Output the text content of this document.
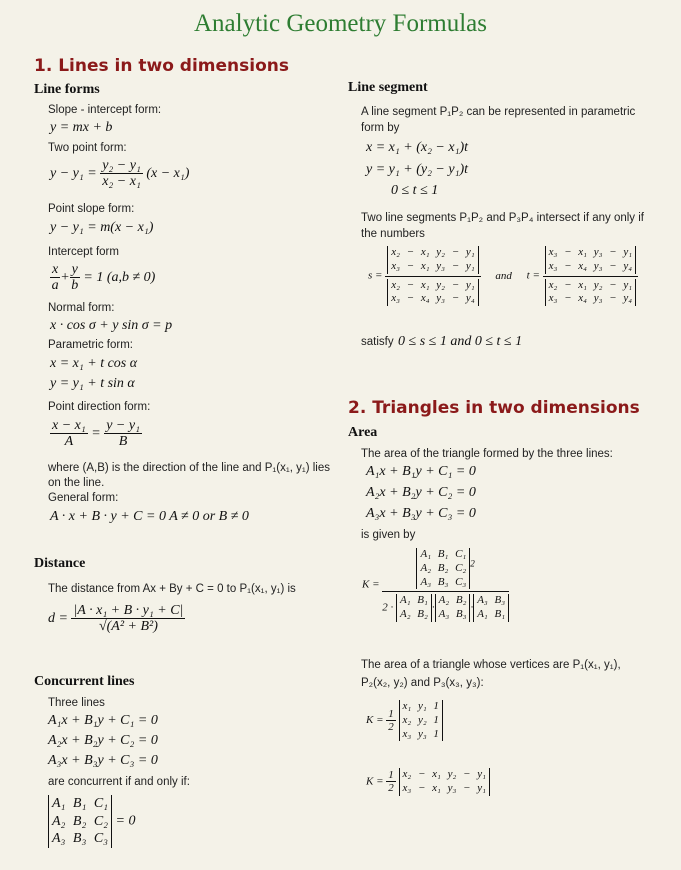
Analytic Geometry Formulas
1. Lines in two dimensions
Line forms
Slope - intercept form:
y = mx + b
Two point form:
$y - y_1 = \frac{\text{y₂ − y₁}}{\text{x₂ − x₁}} (x - x_1)$
Point slope form:
y − y₁ = m(x − x₁)
Intercept form
$\frac{x}{a} + \frac{y}{b} = 1$ (a,b ≠ 0)
Normal form:
x · cos σ + y sin σ = p
Parametric form:
x = x₁ + t cos α
y = y₁ + t sin α
Point direction form:
$\frac{\text{x − x₁}}{A} = \frac{\text{y − y₁}}{B}$
where (A,B) is the direction of the line and P₁(x₁, y₁) lies
on the line.
General form:
A · x + B · y + C = 0 A ≠ 0 or B ≠ 0
Distance
The distance from Ax + By + C = 0 to P₁(x₁, y₁) is
$d = \frac{\text{|A · x₁ + B · y₁ + C|}}{\text{√(A² + B²)}}$
Concurrent lines
Three lines
A₁x + B₁y + C₁ = 0
A₂x + B₂y + C₂ = 0
A₃x + B₃y + C₃ = 0
are concurrent if and only if:
A₁ B₁ C₁
A₂ B₂ C₂
A₃ B₃ C₃
= 0
Line segment
A line segment P₁P₂ can be represented in parametric
form by
x = x₁ + (x₂ − x₁)t
y = y₁ + (y₂ − y₁)t
0 ≤ t ≤ 1
Two line segments P₁P₂ and P₃P₄ intersect if any only if
the numbers
s = x₂ − x₁ y₂ − y₁
x₃ − x₁ y₃ − y₁
x₂ − x₁ y₂ − y₁
x₃ − x₄ y₃ − y₄ and t = x₃ − x₁ y₃ − y₁
x₃ − x₄ y₃ − y₄
x₂ − x₁ y₂ − y₁
x₃ − x₄ y₃ − y₄
satisfy 0 ≤ s ≤ 1 and 0 ≤ t ≤ 1
2. Triangles in two dimensions
Area
The area of the triangle formed by the three lines:
A₁x + B₁y + C₁ = 0
A₂x + B₂y + C₂ = 0
A₃x + B₃y + C₃ = 0
is given by
K =
A₁ B₁ C₁
A₂ B₂ C₂
A₃ B₃ C₃
$^2$
2 ·
A₁ B₁
A₂ B₂
·
A₂ B₂
A₃ B₃
·
A₃ B₃
A₁ B₁
The area of a triangle whose vertices are P₁(x₁, y₁),
P₂(x₂, y₂) and P₃(x₃, y₃):
$K = \frac{1}{2}$

x₁ y₁ 1
x₂ y₂ 1
x₃ y₃ 1
$K = \frac{1}{2}$
x₂ − x₁ y₂ − y₁
x₃ − x₁ y₃ − y₁
